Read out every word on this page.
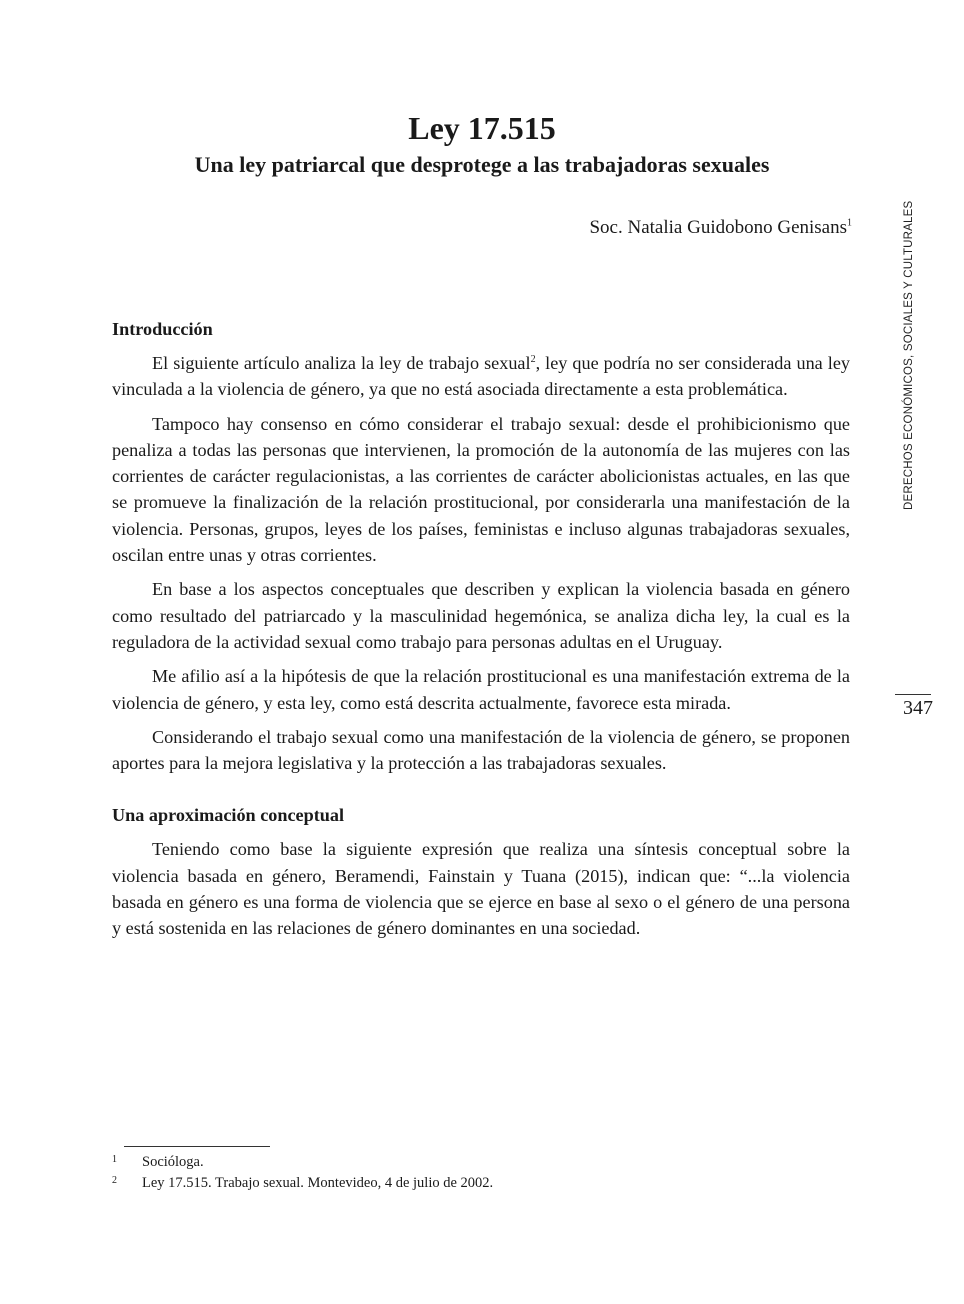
Ley 17.515
Una ley patriarcal que desprotege a las trabajadoras sexuales
Soc. Natalia Guidobono Genisans$^1$	DERECHOS ECONÓMICOS, SOCIALES Y CULTURALES
347
Introducción

El siguiente artículo analiza la ley de trabajo sexual$^2$, ley que podría no ser considerada una ley vinculada a la violencia de género, ya que no está asociada directamente a esta problemática.

Tampoco hay consenso en cómo considerar el trabajo sexual: desde el prohibicionismo que penaliza a todas las personas que intervienen, la promoción de la autonomía de las mujeres con las corrientes de carácter regulacionistas, a las corrientes de carácter abolicionistas actuales, en las que se promueve la finalización de la relación prostitucional, por considerarla una manifestación de la violencia. Personas, grupos, leyes de los países, feministas e incluso algunas trabajadoras sexuales, oscilan entre unas y otras corrientes.

En base a los aspectos conceptuales que describen y explican la violencia basada en género como resultado del patriarcado y la masculinidad hegemónica, se analiza dicha ley, la cual es la reguladora de la actividad sexual como trabajo para personas adultas en el Uruguay.

Me afilio así a la hipótesis de que la relación prostitucional es una manifestación extrema de la violencia de género, y esta ley, como está descrita actualmente, favorece esta mirada.

Considerando el trabajo sexual como una manifestación de la violencia de género, se proponen aportes para la mejora legislativa y la protección a las trabajadoras sexuales.

Una aproximación conceptual

Teniendo como base la siguiente expresión que realiza una síntesis conceptual sobre la violencia basada en género, Beramendi, Fainstain y Tuana (2015), indican que: “...la violencia basada en género es una forma de violencia que se ejerce en base al sexo o el género de una persona y está sostenida en las relaciones de género dominantes en una sociedad.

1	Socióloga.
2	Ley 17.515. Trabajo sexual. Montevideo, 4 de julio de 2002.
